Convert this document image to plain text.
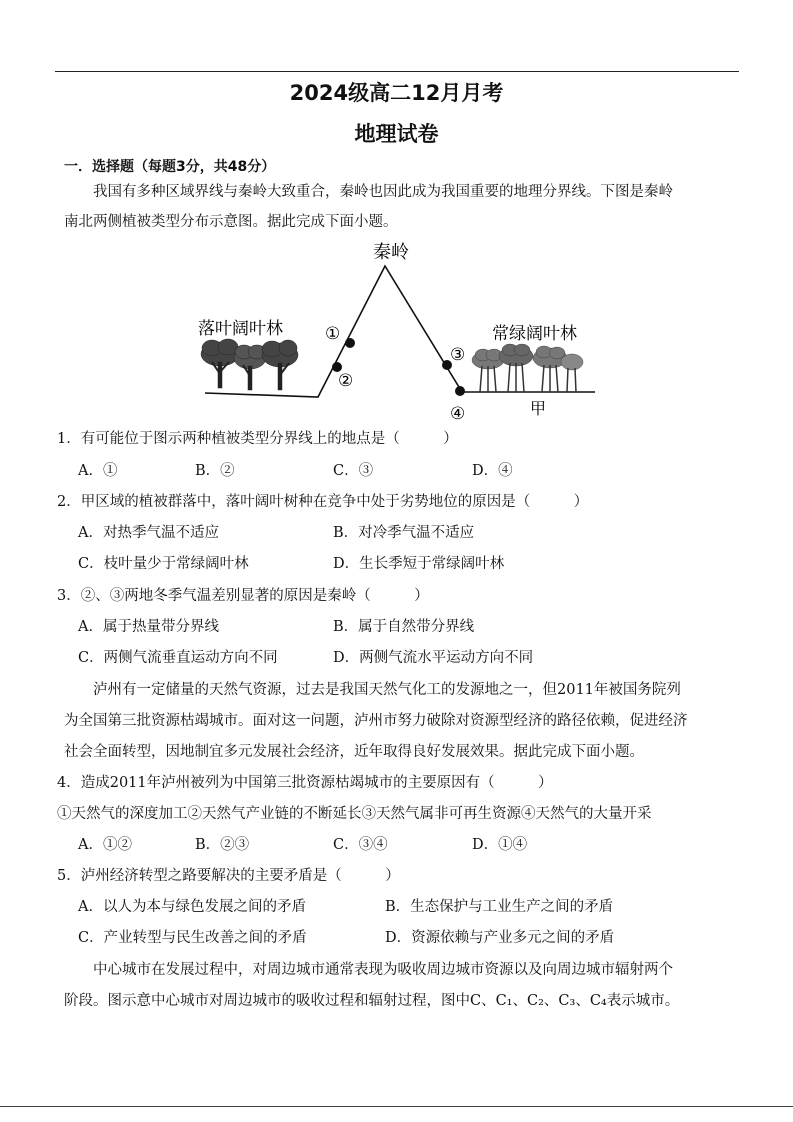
2024级高二12月月考
地理试卷
一．选择题（每题3分，共48分）
我国有多种区域界线与秦岭大致重合，秦岭也因此成为我国重要的地理分界线。下图是秦岭
南北两侧植被类型分布示意图。据此完成下面小题。
秦岭
落叶阔叶林	常绿阔叶林
甲
①
②
③
④
1．有可能位于图示两种植被类型分界线上的地点是（　　　）
A．①	B．②	C．③	D．④
2．甲区域的植被群落中，落叶阔叶树种在竞争中处于劣势地位的原因是（　　　）
A．对热季气温不适应	B．对冷季气温不适应
C．枝叶量少于常绿阔叶林	D．生长季短于常绿阔叶林
3．②、③两地冬季气温差别显著的原因是秦岭（　　　）
A．属于热量带分界线	B．属于自然带分界线
C．两侧气流垂直运动方向不同	D．两侧气流水平运动方向不同
泸州有一定储量的天然气资源，过去是我国天然气化工的发源地之一，但2011年被国务院列
为全国第三批资源枯竭城市。面对这一问题，泸州市努力破除对资源型经济的路径依赖，促进经济
社会全面转型，因地制宜多元发展社会经济，近年取得良好发展效果。据此完成下面小题。
4．造成2011年泸州被列为中国第三批资源枯竭城市的主要原因有（　　　）
①天然气的深度加工②天然气产业链的不断延长③天然气属非可再生资源④天然气的大量开采
A．①②	B．②③	C．③④	D．①④
5．泸州经济转型之路要解决的主要矛盾是（　　　）
A．以人为本与绿色发展之间的矛盾	B．生态保护与工业生产之间的矛盾
C．产业转型与民生改善之间的矛盾	D．资源依赖与产业多元之间的矛盾
中心城市在发展过程中，对周边城市通常表现为吸收周边城市资源以及向周边城市辐射两个
阶段。图示意中心城市对周边城市的吸收过程和辐射过程，图中C、C₁、C₂、C₃、C₄表示城市。
